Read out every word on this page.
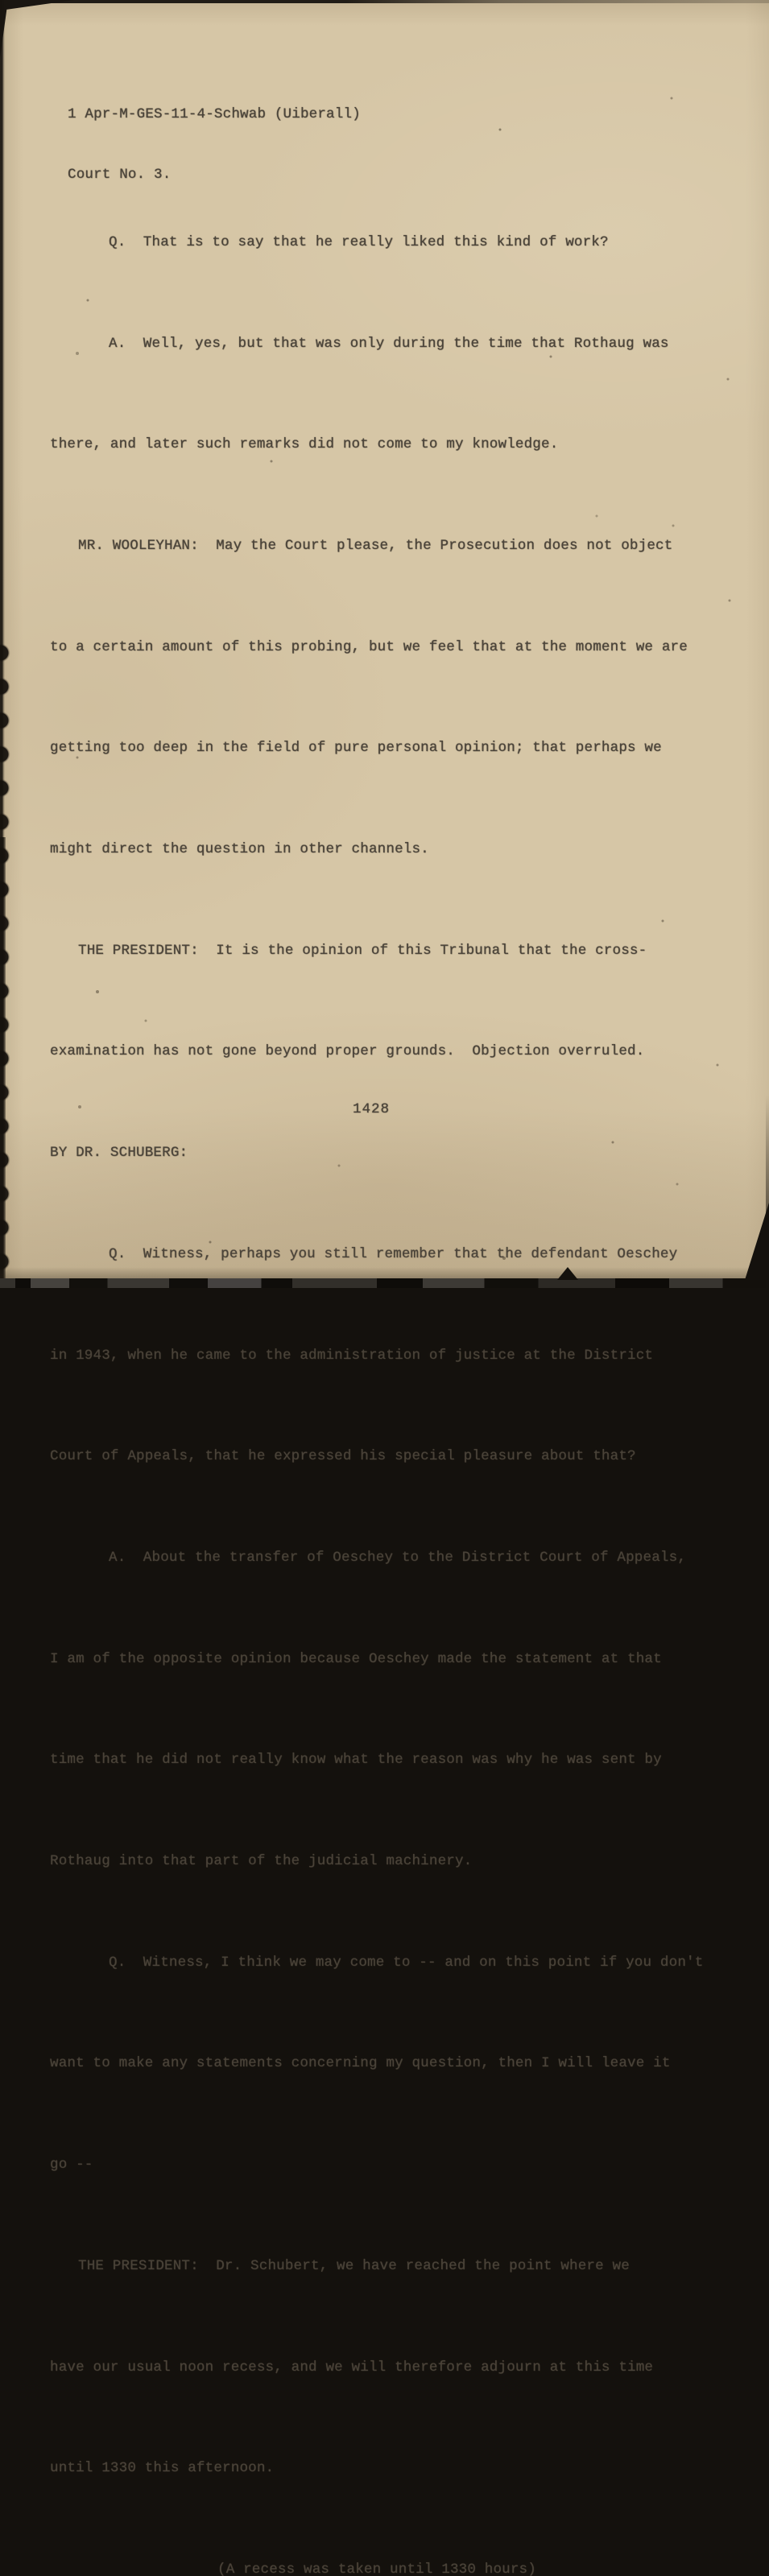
1 Apr-M-GES-11-4-Schwab (Uiberall)

Court No. 3.

Q.  That is to say that he really liked this kind of work?

A.  Well, yes, but that was only during the time that Rothaug was

there, and later such remarks did not come to my knowledge.

MR. WOOLEYHAN:  May the Court please, the Prosecution does not object

to a certain amount of this probing, but we feel that at the moment we are

getting too deep in the field of pure personal opinion; that perhaps we

might direct the question in other channels.

THE PRESIDENT:  It is the opinion of this Tribunal that the cross-

examination has not gone beyond proper grounds.  Objection overruled.

BY DR. SCHUBERG:

Q.  Witness, perhaps you still remember that the defendant Oeschey

in 1943, when he came to the administration of justice at the District

Court of Appeals, that he expressed his special pleasure about that?

A.  About the transfer of Oeschey to the District Court of Appeals,

I am of the opposite opinion because Oeschey made the statement at that

time that he did not really know what the reason was why he was sent by

Rothaug into that part of the judicial machinery.

Q.  Witness, I think we may come to -- and on this point if you don't

want to make any statements concerning my question, then I will leave it

go --

THE PRESIDENT:  Dr. Schubert, we have reached the point where we

have our usual noon recess, and we will therefore adjourn at this time

until 1330 this afternoon.

(A recess was taken until 1330 hours)

1428
